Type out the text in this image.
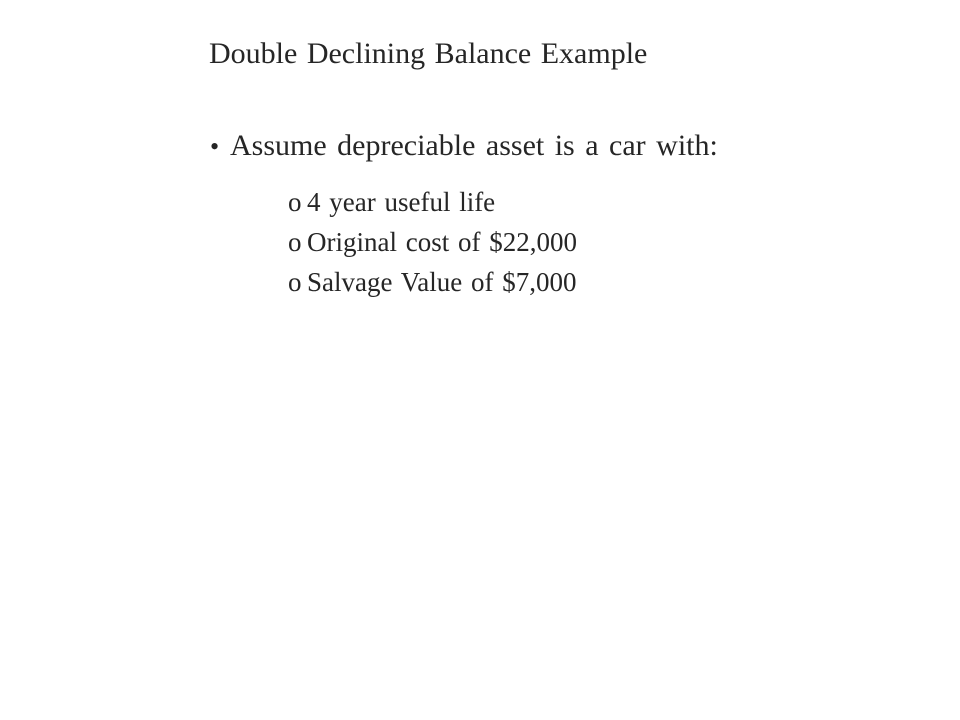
Double Declining Balance Example
• Assume depreciable asset is a car with:
o 4 year useful life
o Original cost of $22,000
o Salvage Value of $7,000
